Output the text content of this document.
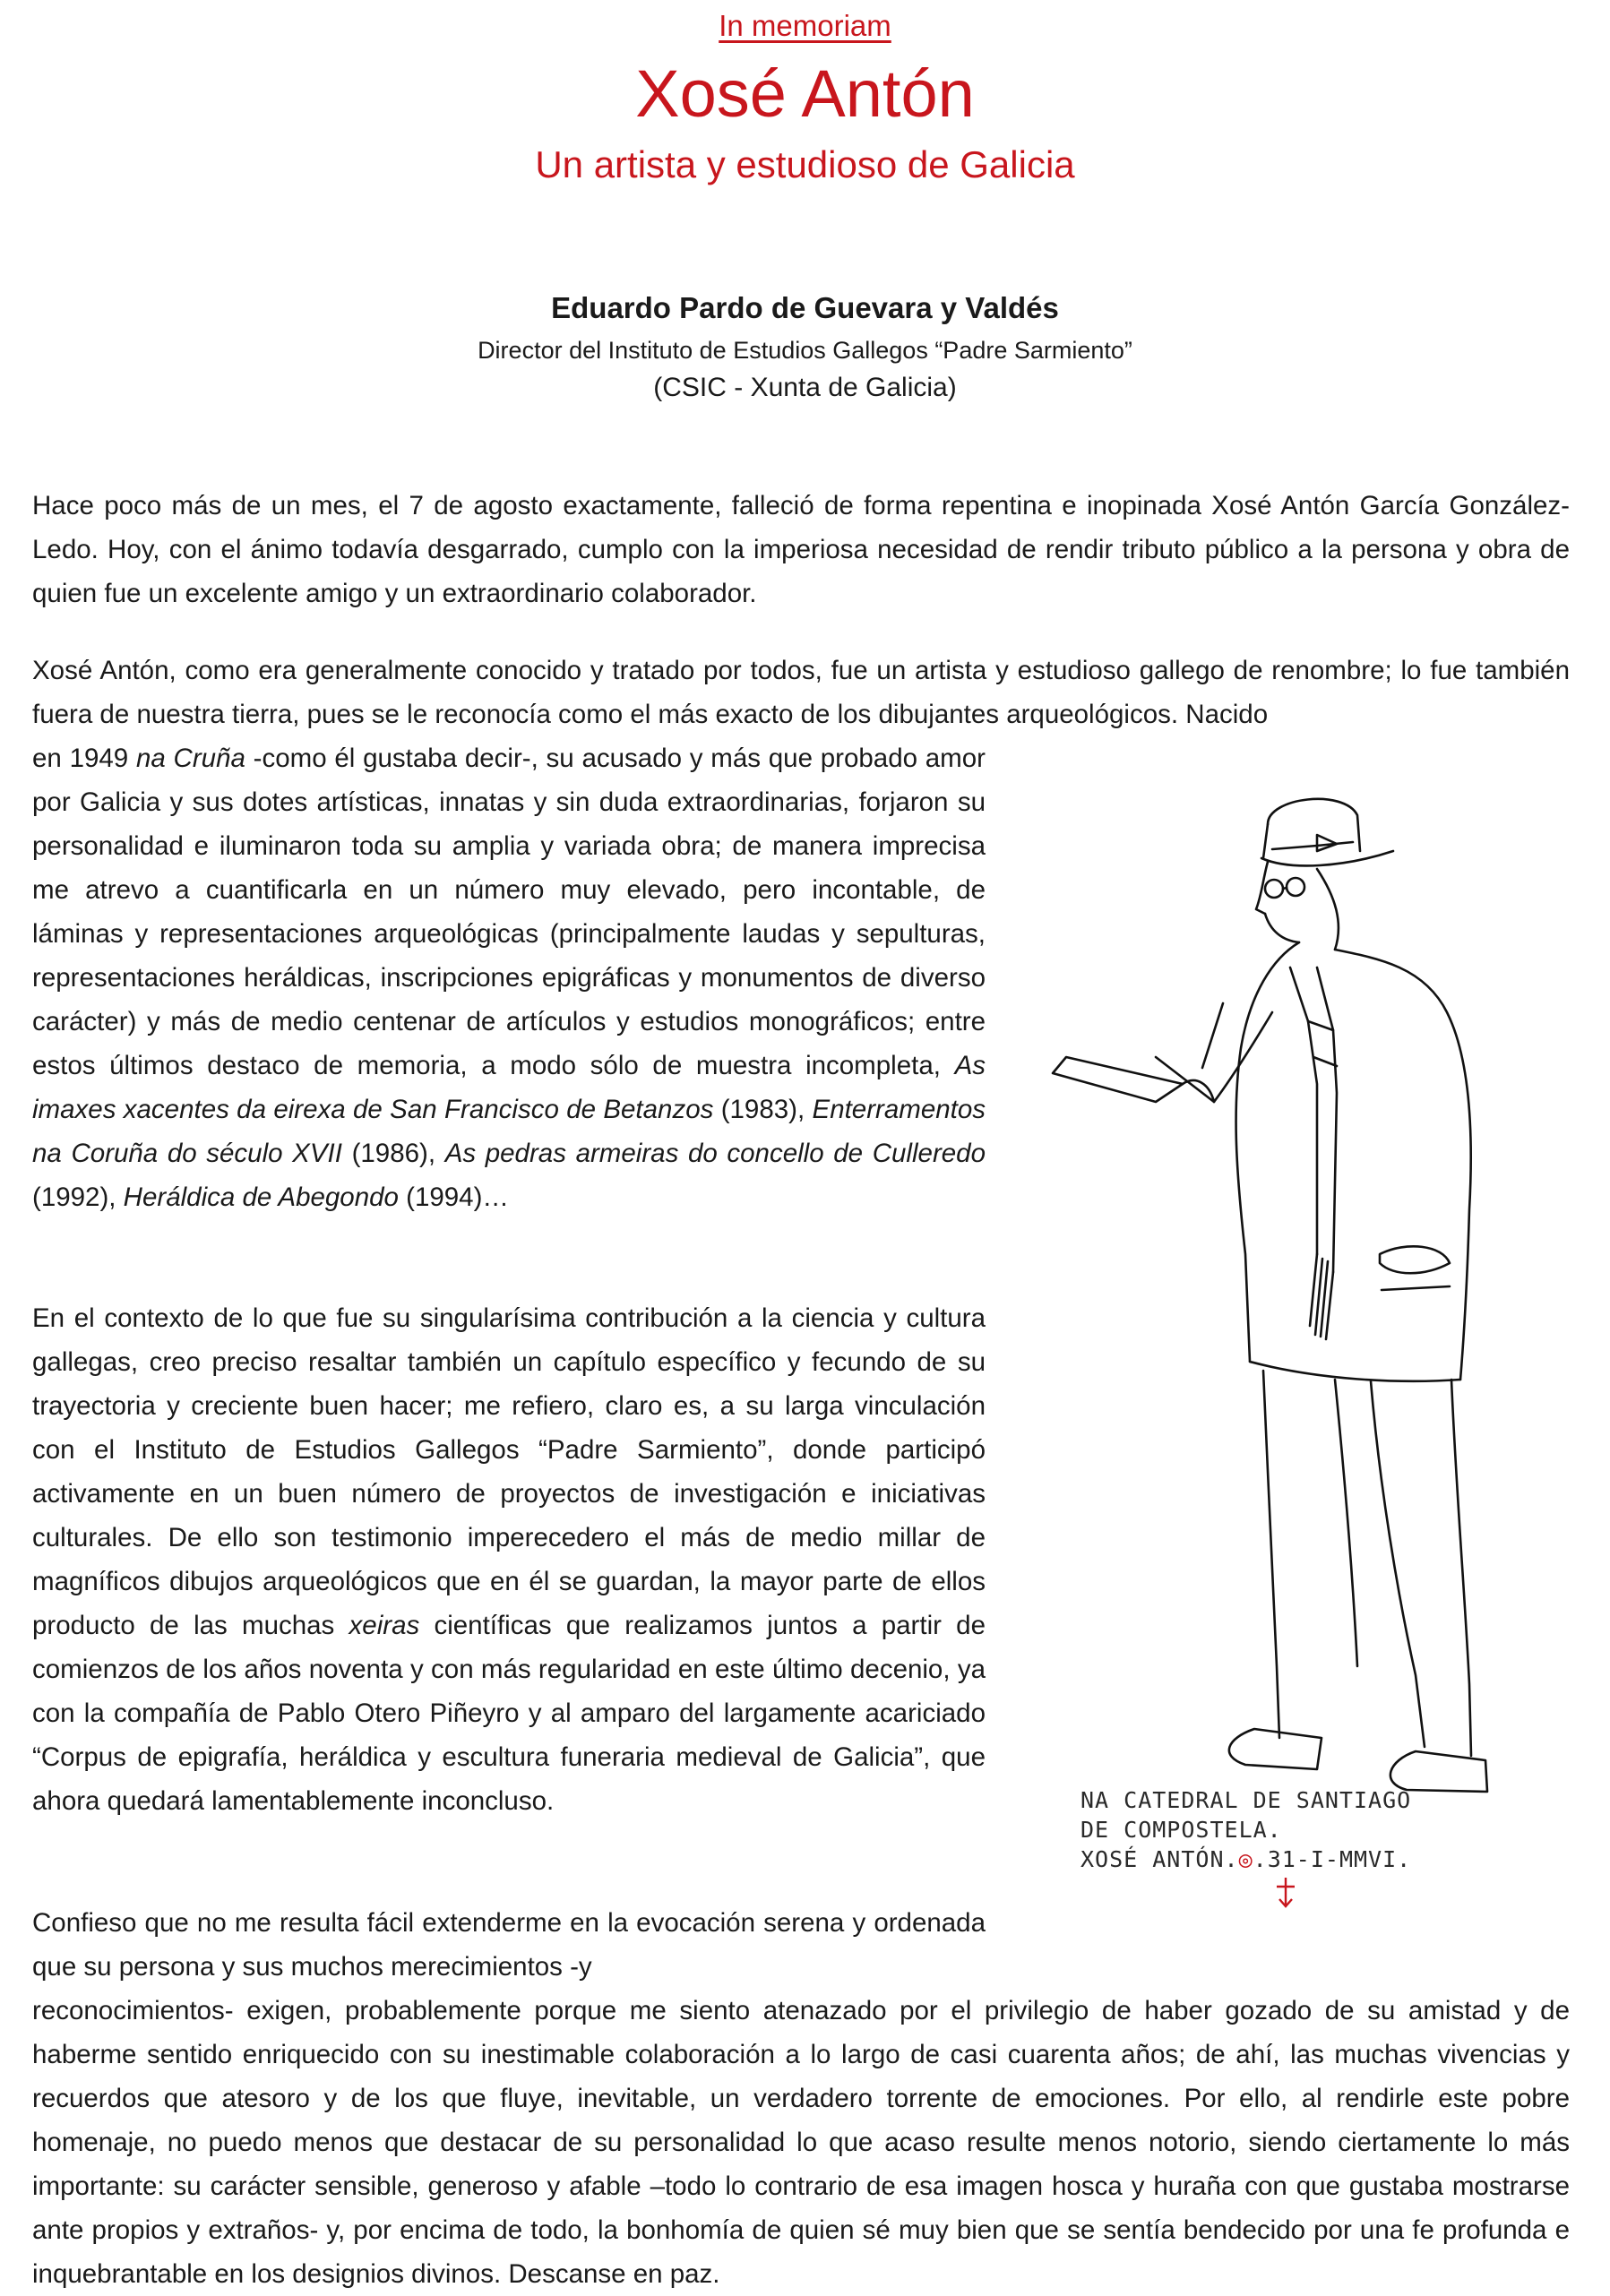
In memoriam
Xosé Antón
Un artista y estudioso de Galicia
Eduardo Pardo de Guevara y Valdés
Director del Instituto de Estudios Gallegos “Padre Sarmiento”
(CSIC - Xunta de Galicia)

Hace poco más de un mes, el 7 de agosto exactamente, falleció de forma repentina e inopinada Xosé Antón García González-Ledo. Hoy, con el ánimo todavía desgarrado, cumplo con la imperiosa necesidad de rendir tributo público a la persona y obra de quien fue un excelente amigo y un extraordinario colaborador.

Xosé Antón, como era generalmente conocido y tratado por todos, fue un artista y estudioso gallego de renombre; lo fue también fuera de nuestra tierra, pues se le reconocía como el más exacto de los dibujantes arqueológicos. Nacido

en 1949 na Cruña -como él gustaba decir-, su acusado y más que probado amor por Galicia y sus dotes artísticas, innatas y sin duda extraordinarias, forjaron su personalidad e iluminaron toda su amplia y variada obra; de manera imprecisa me atrevo a cuantificarla en un número muy elevado, pero incontable, de láminas y representaciones arqueológicas (principalmente laudas y sepulturas, representaciones heráldicas, inscripciones epigráficas y monumentos de diverso carácter) y más de medio centenar de artículos y estudios monográficos; entre estos últimos destaco de memoria, a modo sólo de muestra incompleta, As imaxes xacentes da eirexa de San Francisco de Betanzos (1983), Enterramentos na Coruña do século XVII (1986), As pedras armeiras do concello de Culleredo (1992), Heráldica de Abegondo (1994)…

En el contexto de lo que fue su singularísima contribución a la ciencia y cultura gallegas, creo preciso resaltar también un capítulo específico y fecundo de su trayectoria y creciente buen hacer; me refiero, claro es, a su larga vinculación con el Instituto de Estudios Gallegos “Padre Sarmiento”, donde participó activamente en un buen número de proyectos de investigación e iniciativas culturales. De ello son testimonio imperecedero el más de medio millar de magníficos dibujos arqueológicos que en él se guardan, la mayor parte de ellos producto de las muchas xeiras científicas que realizamos juntos a partir de comienzos de los años noventa y con más regularidad en este último decenio, ya con la compañía de Pablo Otero Piñeyro y al amparo del largamente acariciado “Corpus de epigrafía, heráldica y escultura funeraria medieval de Galicia”, que ahora quedará lamentablemente inconcluso.

Confieso que no me resulta fácil extenderme en la evocación serena y ordenada que su persona y sus muchos merecimientos -y

reconocimientos- exigen, probablemente porque me siento atenazado por el privilegio de haber gozado de su amistad y de haberme sentido enriquecido con su inestimable colaboración a lo largo de casi cuarenta años; de ahí, las muchas vivencias y recuerdos que atesoro y de los que fluye, inevitable, un verdadero torrente de emociones. Por ello, al rendirle este pobre homenaje, no puedo menos que destacar de su personalidad lo que acaso resulte menos notorio, siendo ciertamente lo más importante: su carácter sensible, generoso y afable –todo lo contrario de esa imagen hosca y huraña con que gustaba mostrarse ante propios y extraños- y, por encima de todo, la bonhomía de quien sé muy bien que se sentía bendecido por una fe profunda e inquebrantable en los designios divinos. Descanse en paz.

NA CATEDRAL DE SANTIAGO
DE COMPOSTELA.
XOSÉ ANTÓN.◎.31-I-MMVI.
